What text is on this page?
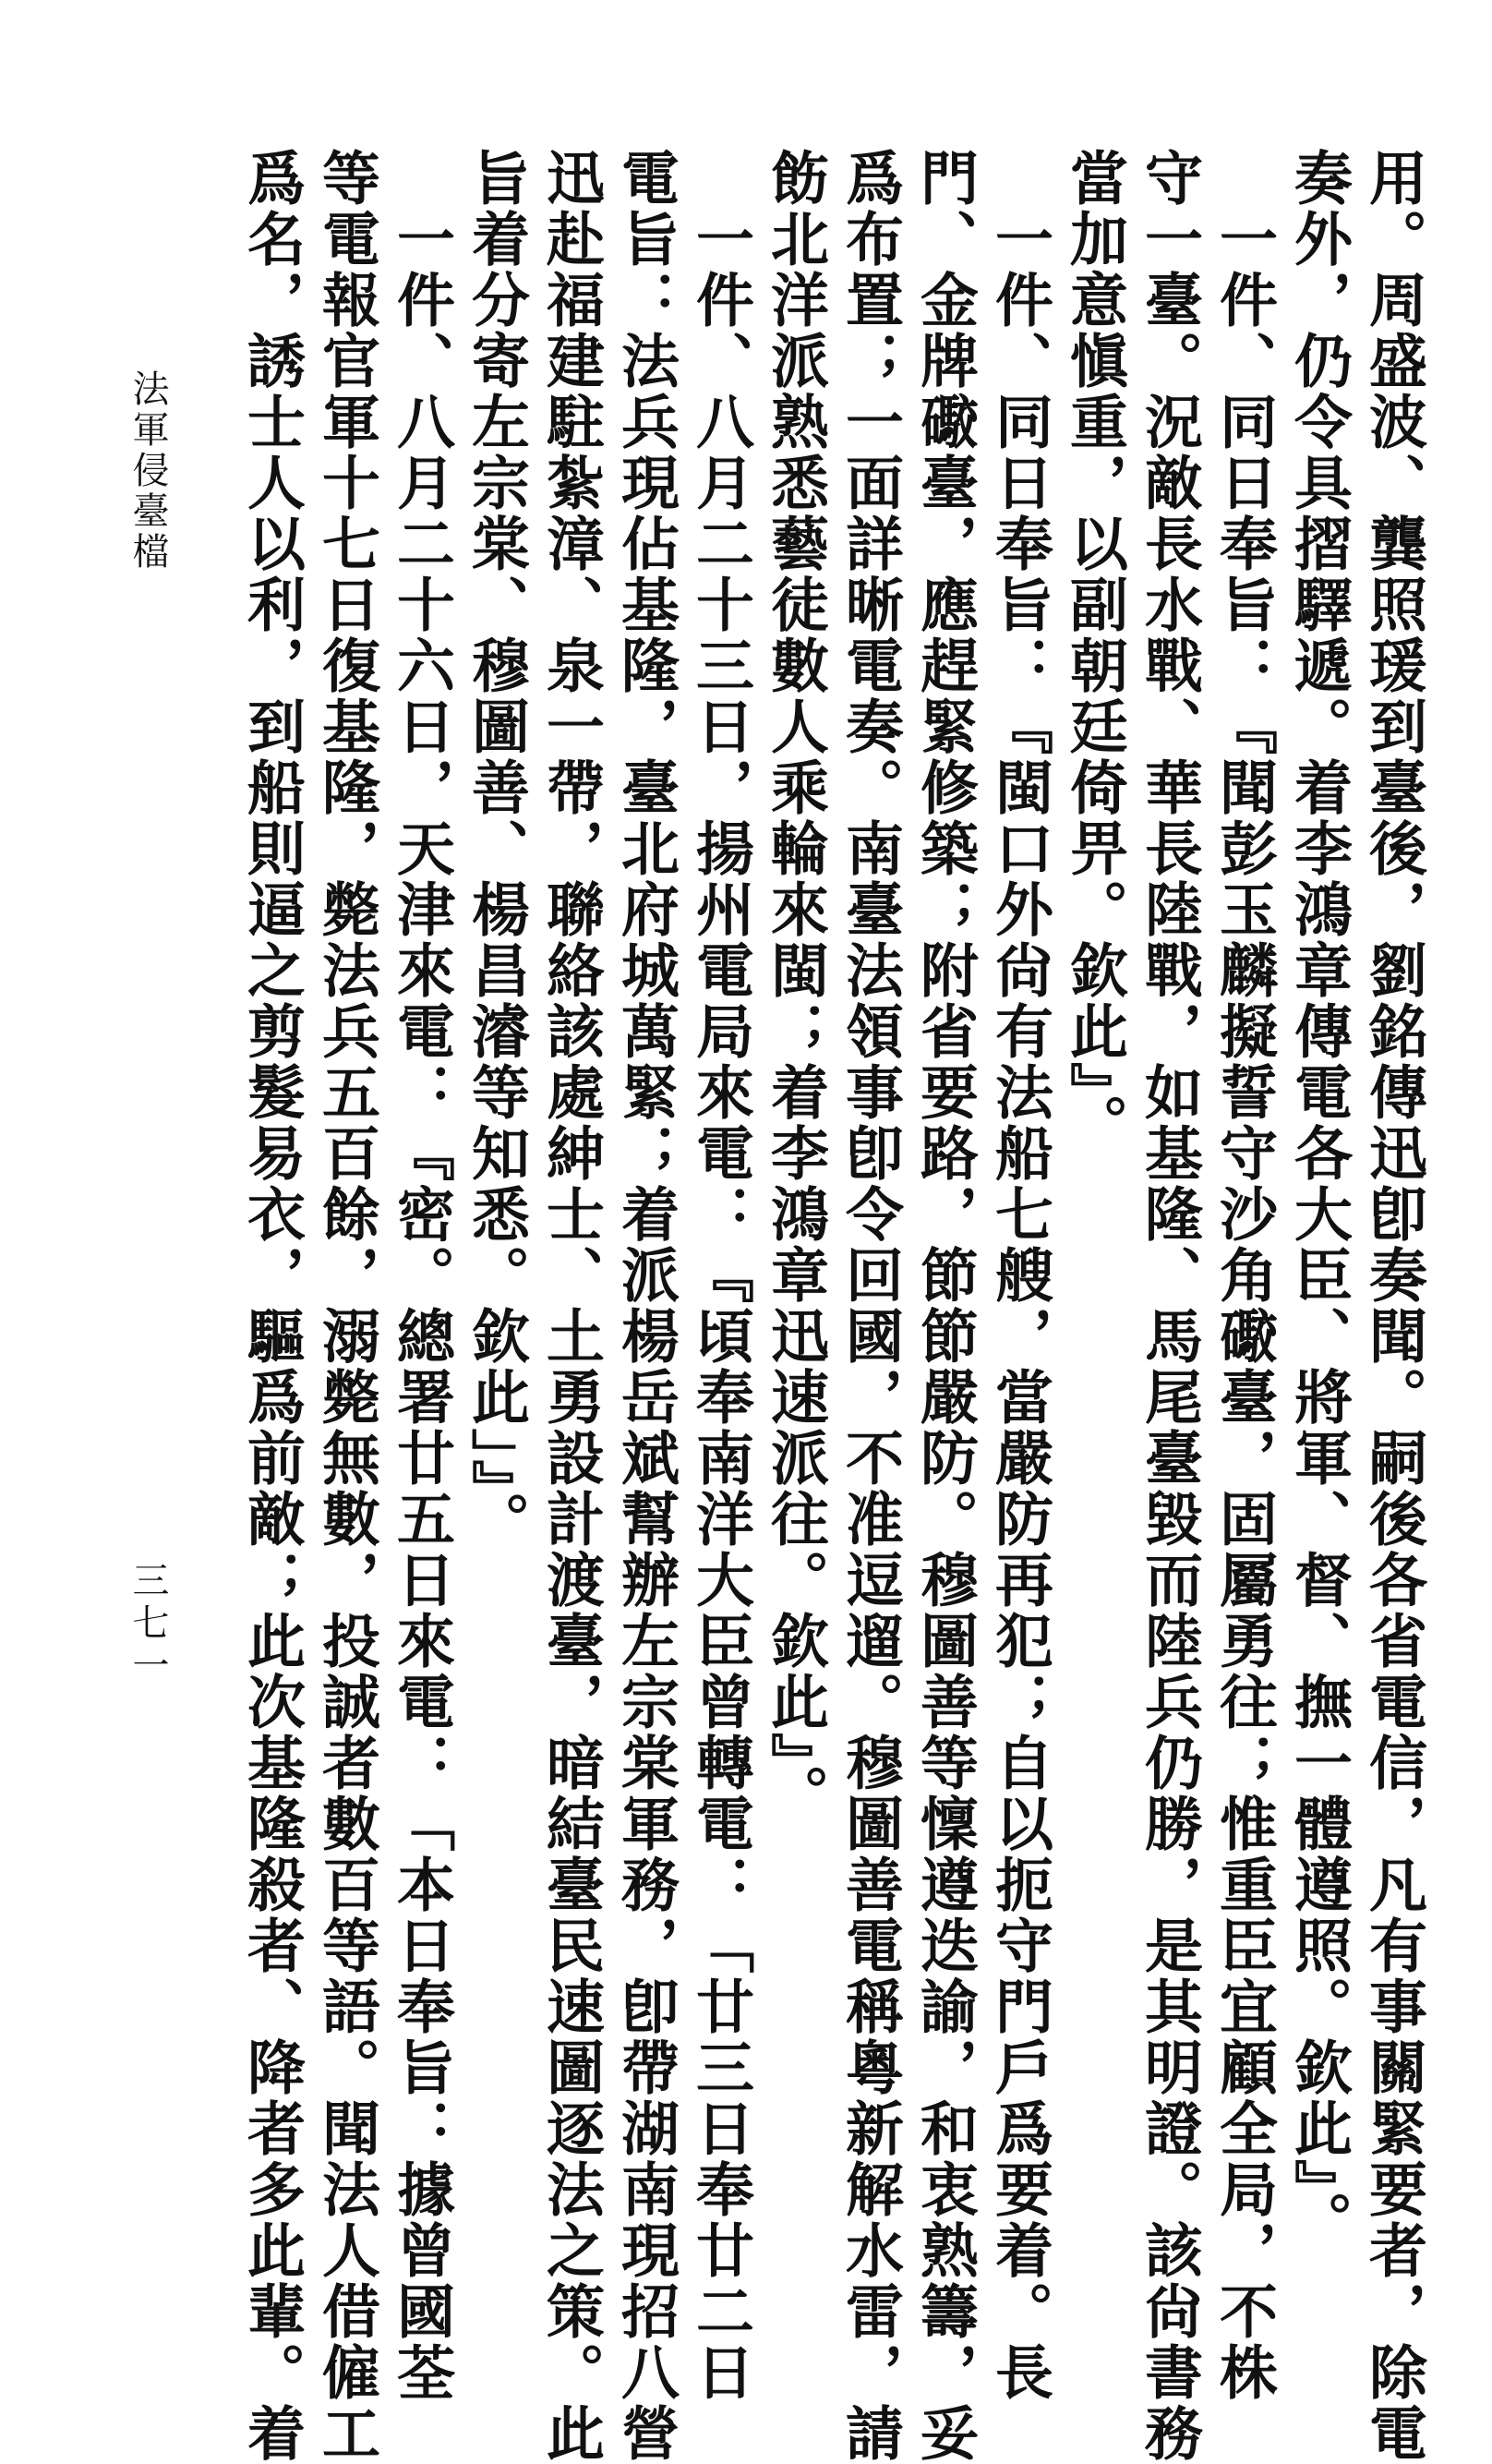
法軍侵臺檔
三七一	用。周盛波、龔照瑗到臺後，劉銘傳迅卽奏聞。嗣後各省電信，凡有事關緊要者，除電
奏外，仍令具摺驛遞。着李鴻章傳電各大臣、將軍、督、撫一體遵照。欽此』。
　一件、同日奉旨：『聞彭玉麟擬誓守沙角礮臺，固屬勇往；惟重臣宜顧全局，不株
守一臺。況敵長水戰、華長陸戰，如基隆、馬尾臺毀而陸兵仍勝，是其明證。該尙書務
當加意愼重，以副朝廷倚畀。欽此』。
　一件、同日奉旨：『閩口外尙有法船七艘，當嚴防再犯；自以扼守門戶爲要着。長
門、金牌礮臺，應趕緊修築；附省要路，節節嚴防。穆圖善等懍遵迭諭，和衷熟籌，妥
爲布置；一面詳晰電奏。南臺法領事卽令回國，不准逗遛。穆圖善電稱粵新解水雷，請
飭北洋派熟悉藝徒數人乘輪來閩；着李鴻章迅速派往。欽此』。
　一件、八月二十三日，揚州電局來電：『頃奉南洋大臣曾轉電：「廿三日奉廿二日
電旨：法兵現佔基隆，臺北府城萬緊；着派楊岳斌幫辦左宗棠軍務，卽帶湖南現招八營
迅赴福建駐紮漳、泉一帶，聯絡該處紳士、土勇設計渡臺，暗結臺民速圖逐法之策。此
旨着分寄左宗棠、穆圖善、楊昌濬等知悉。欽此」』。
　一件、八月二十六日，天津來電：『密。總署廿五日來電：「本日奉旨：據曾國荃
等電報官軍十七日復基隆，斃法兵五百餘，溺斃無數，投誠者數百等語。聞法人借僱工
爲名，誘士人以利，到船則逼之剪髮易衣，驅爲前敵；此次基隆殺者、降者多此輩。着
